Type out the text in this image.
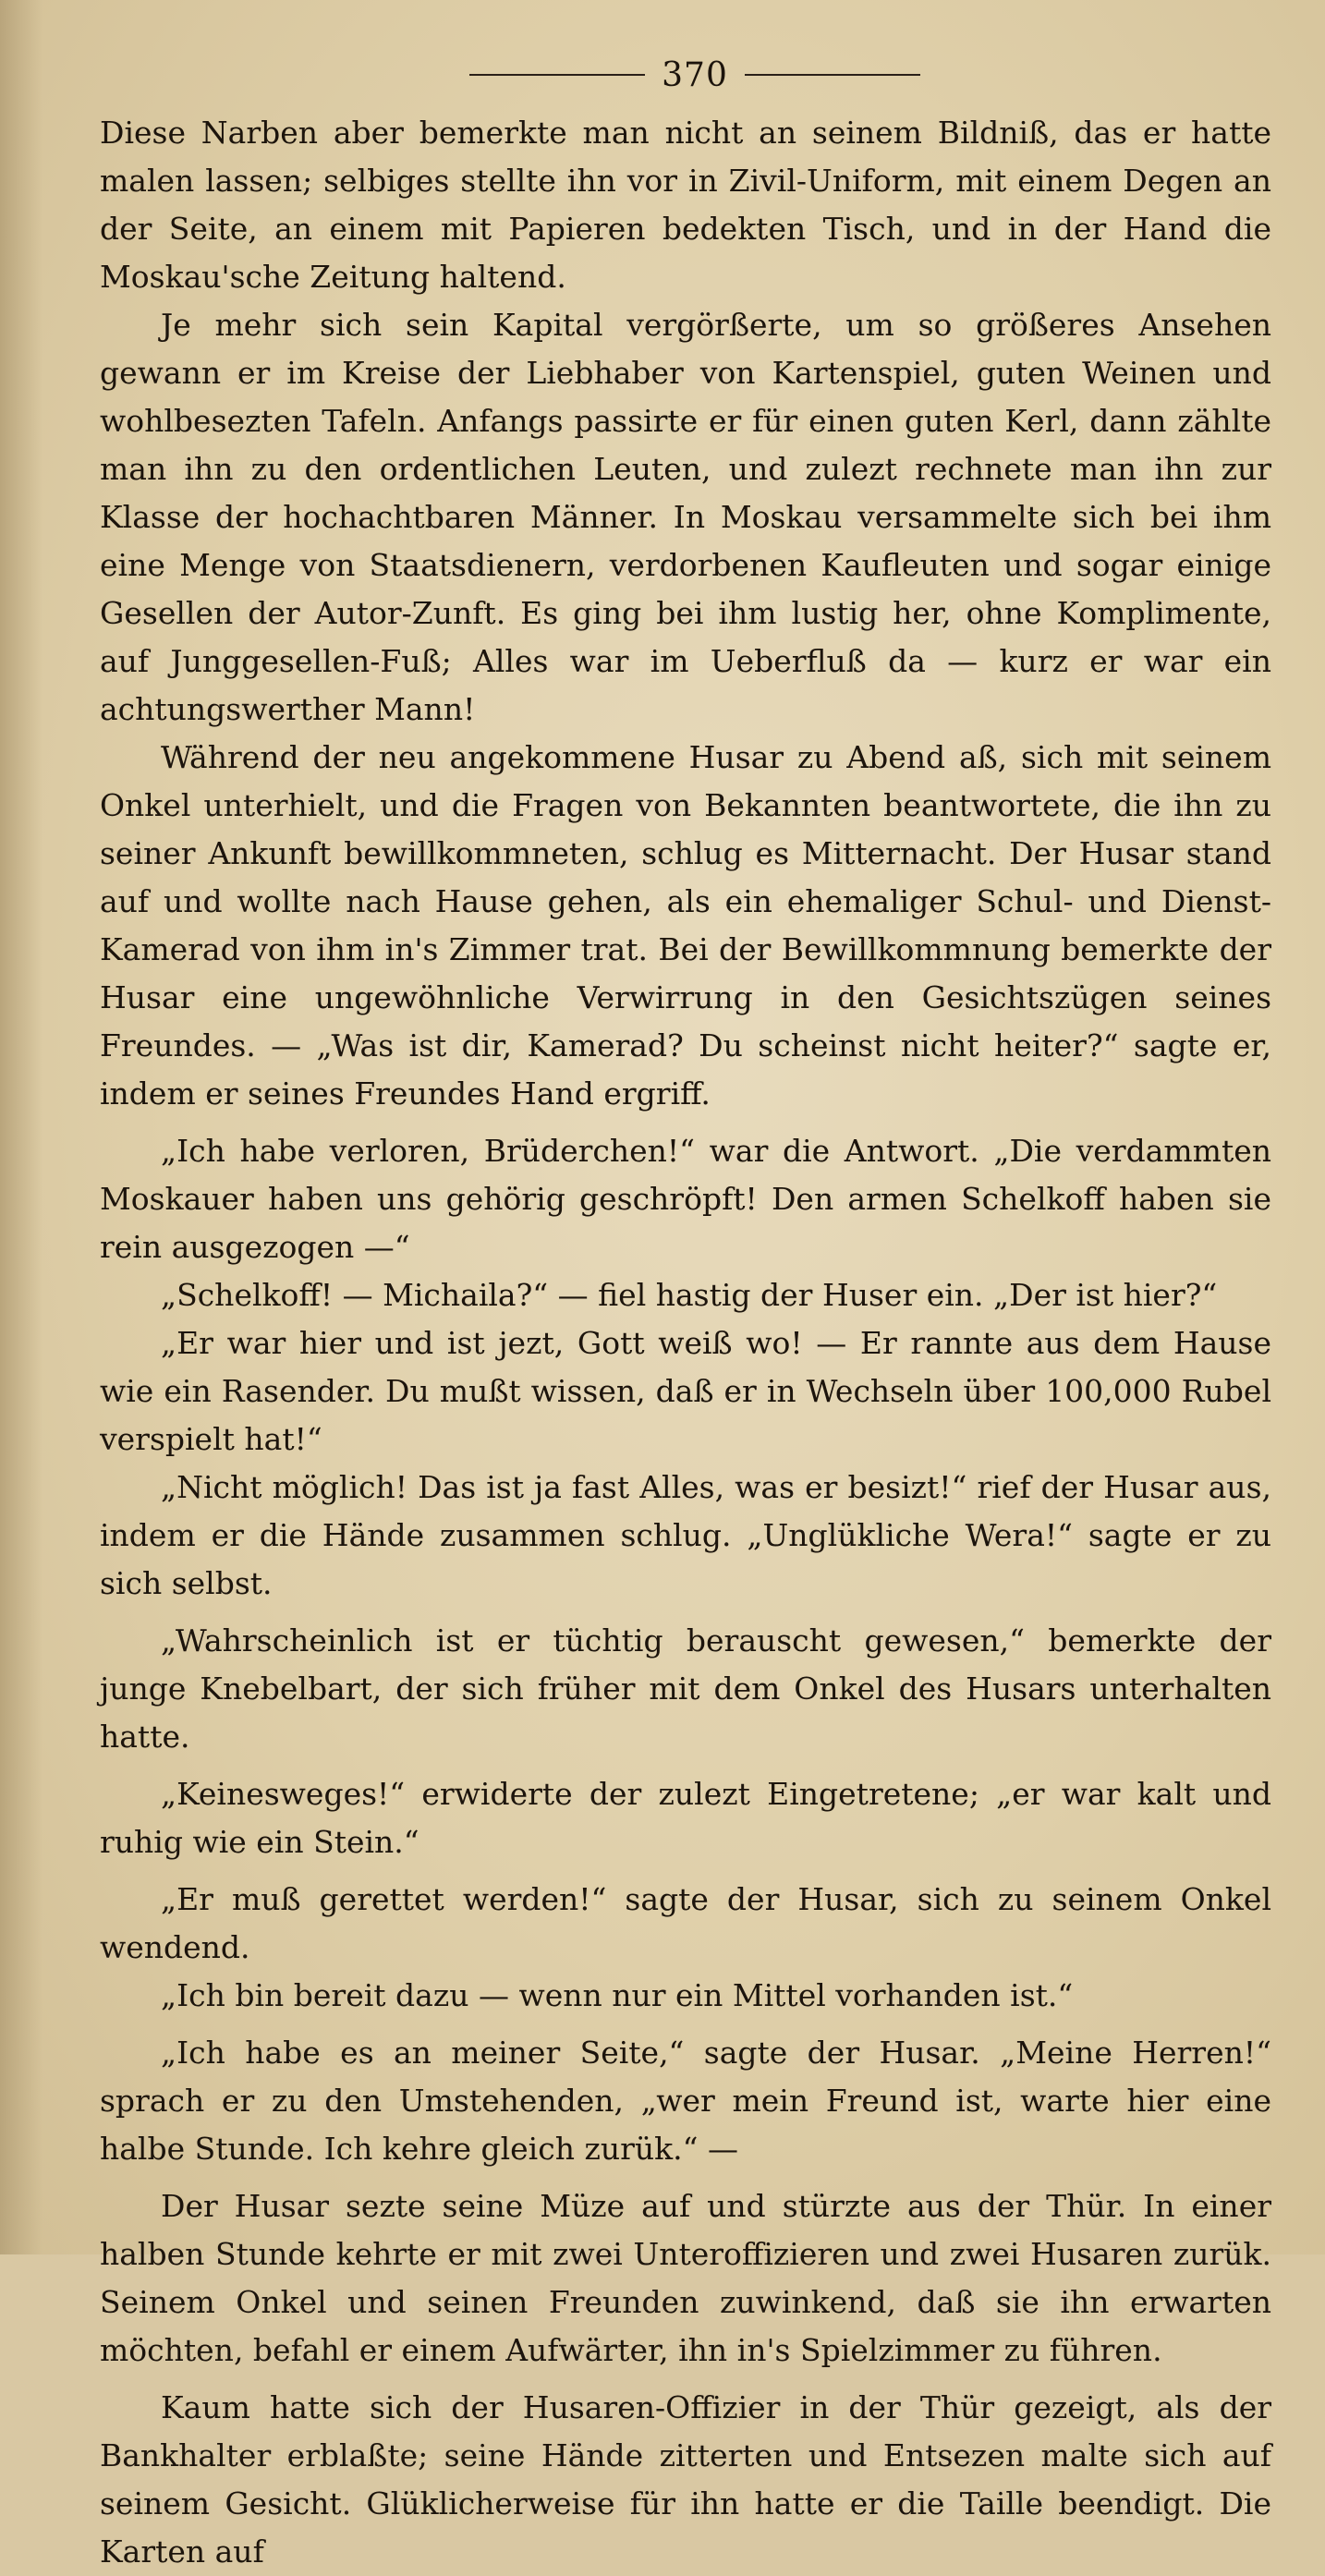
370

Diese Narben aber bemerkte man nicht an seinem Bildniß, das er hatte malen lassen; selbiges stellte ihn vor in Zivil-Uniform, mit einem Degen an der Seite, an einem mit Papieren bedekten Tisch, und in der Hand die Moskau'sche Zeitung haltend.

Je mehr sich sein Kapital vergörßerte, um so größeres Ansehen gewann er im Kreise der Liebhaber von Kartenspiel, guten Weinen und wohlbesezten Tafeln. Anfangs passirte er für einen guten Kerl, dann zählte man ihn zu den ordentlichen Leuten, und zulezt rechnete man ihn zur Klasse der hochachtbaren Männer. In Moskau versammelte sich bei ihm eine Menge von Staatsdienern, verdorbenen Kaufleuten und sogar einige Gesellen der Autor-Zunft. Es ging bei ihm lustig her, ohne Komplimente, auf Junggesellen-Fuß; Alles war im Ueberfluß da — kurz er war ein achtungswerther Mann!

Während der neu angekommene Husar zu Abend aß, sich mit seinem Onkel unterhielt, und die Fragen von Bekannten beantwortete, die ihn zu seiner Ankunft bewillkommneten, schlug es Mitternacht. Der Husar stand auf und wollte nach Hause gehen, als ein ehemaliger Schul- und Dienst-Kamerad von ihm in's Zimmer trat. Bei der Bewillkommnung bemerkte der Husar eine ungewöhnliche Verwirrung in den Gesichtszügen seines Freundes. — „Was ist dir, Kamerad? Du scheinst nicht heiter?“ sagte er, indem er seines Freundes Hand ergriff.

„Ich habe verloren, Brüderchen!“ war die Antwort. „Die verdammten Moskauer haben uns gehörig geschröpft! Den armen Schelkoff haben sie rein ausgezogen —“

„Schelkoff! — Michaila?“ — fiel hastig der Huser ein. „Der ist hier?“

„Er war hier und ist jezt, Gott weiß wo! — Er rannte aus dem Hause wie ein Rasender. Du mußt wissen, daß er in Wechseln über 100,000 Rubel verspielt hat!“

„Nicht möglich! Das ist ja fast Alles, was er besizt!“ rief der Husar aus, indem er die Hände zusammen schlug. „Unglükliche Wera!“ sagte er zu sich selbst.

„Wahrscheinlich ist er tüchtig berauscht gewesen,“ bemerkte der junge Knebelbart, der sich früher mit dem Onkel des Husars unterhalten hatte.

„Keinesweges!“ erwiderte der zulezt Eingetretene; „er war kalt und ruhig wie ein Stein.“

„Er muß gerettet werden!“ sagte der Husar, sich zu seinem Onkel wendend.

„Ich bin bereit dazu — wenn nur ein Mittel vorhanden ist.“

„Ich habe es an meiner Seite,“ sagte der Husar. „Meine Herren!“ sprach er zu den Umstehenden, „wer mein Freund ist, warte hier eine halbe Stunde. Ich kehre gleich zurük.“ —

Der Husar sezte seine Müze auf und stürzte aus der Thür. In einer halben Stunde kehrte er mit zwei Unteroffizieren und zwei Husaren zurük. Seinem Onkel und seinen Freunden zuwinkend, daß sie ihn erwarten möchten, befahl er einem Aufwärter, ihn in's Spielzimmer zu führen.

Kaum hatte sich der Husaren-Offizier in der Thür gezeigt, als der Bankhalter erblaßte; seine Hände zitterten und Entsezen malte sich auf seinem Gesicht. Glüklicherweise für ihn hatte er die Taille beendigt. Die Karten auf
